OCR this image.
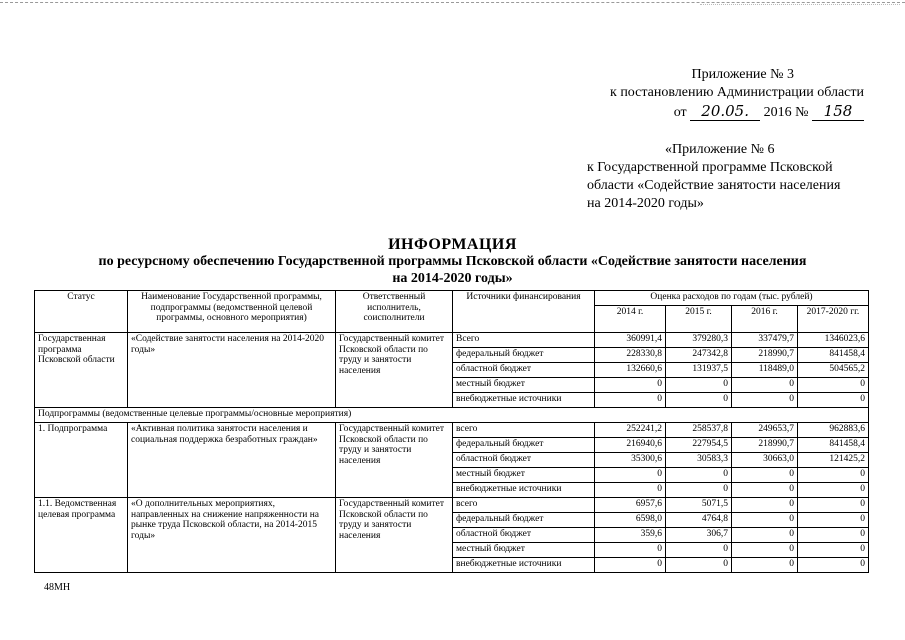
Приложение № 3
к постановлению Администрации области
от 20.05. 2016 № 158
«Приложение № 6
к Государственной программе Псковской
области «Содействие занятости населения
на 2014-2020 годы»
ИНФОРМАЦИЯ
по ресурсному обеспечению Государственной программы Псковской области «Содействие занятости населения
на 2014-2020 годы»
Статус	Наименование Государственной программы, подпрограммы (ведомственной целевой программы, основного мероприятия)	Ответственный исполнитель, соисполнители	Источники финансирования	Оценка расходов по годам (тыс. рублей)			
				2014 г.	2015 г.	2016 г.	2017-2020 гг.
Государственная программа Псковской области	«Содействие занятости населения на 2014-2020 годы»	Государственный комитет Псковской области по труду и занятости населения	Всего	360991,4	379280,3	337479,7	1346023,6
			федеральный бюджет	228330,8	247342,8	218990,7	841458,4
			областной бюджет	132660,6	131937,5	118489,0	504565,2
			местный бюджет	0	0	0	0
			внебюджетные источники	0	0	0	0
Подпрограммы (ведомственные целевые программы/основные мероприятия)							
1. Подпрограмма	«Активная политика занятости населения и социальная поддержка безработных граждан»	Государственный комитет Псковской области по труду и занятости населения	всего	252241,2	258537,8	249653,7	962883,6
			федеральный бюджет	216940,6	227954,5	218990,7	841458,4
			областной бюджет	35300,6	30583,3	30663,0	121425,2
			местный бюджет	0	0	0	0
			внебюджетные источники	0	0	0	0
1.1. Ведомственная целевая программа	«О дополнительных мероприятиях, направленных на снижение напряженности на рынке труда Псковской области, на 2014-2015 годы»	Государственный комитет Псковской области по труду и занятости населения	всего	6957,6	5071,5	0	0
			федеральный бюджет	6598,0	4764,8	0	0
			областной бюджет	359,6	306,7	0	0
			местный бюджет	0	0	0	0
			внебюджетные источники	0	0	0	0
48МН
